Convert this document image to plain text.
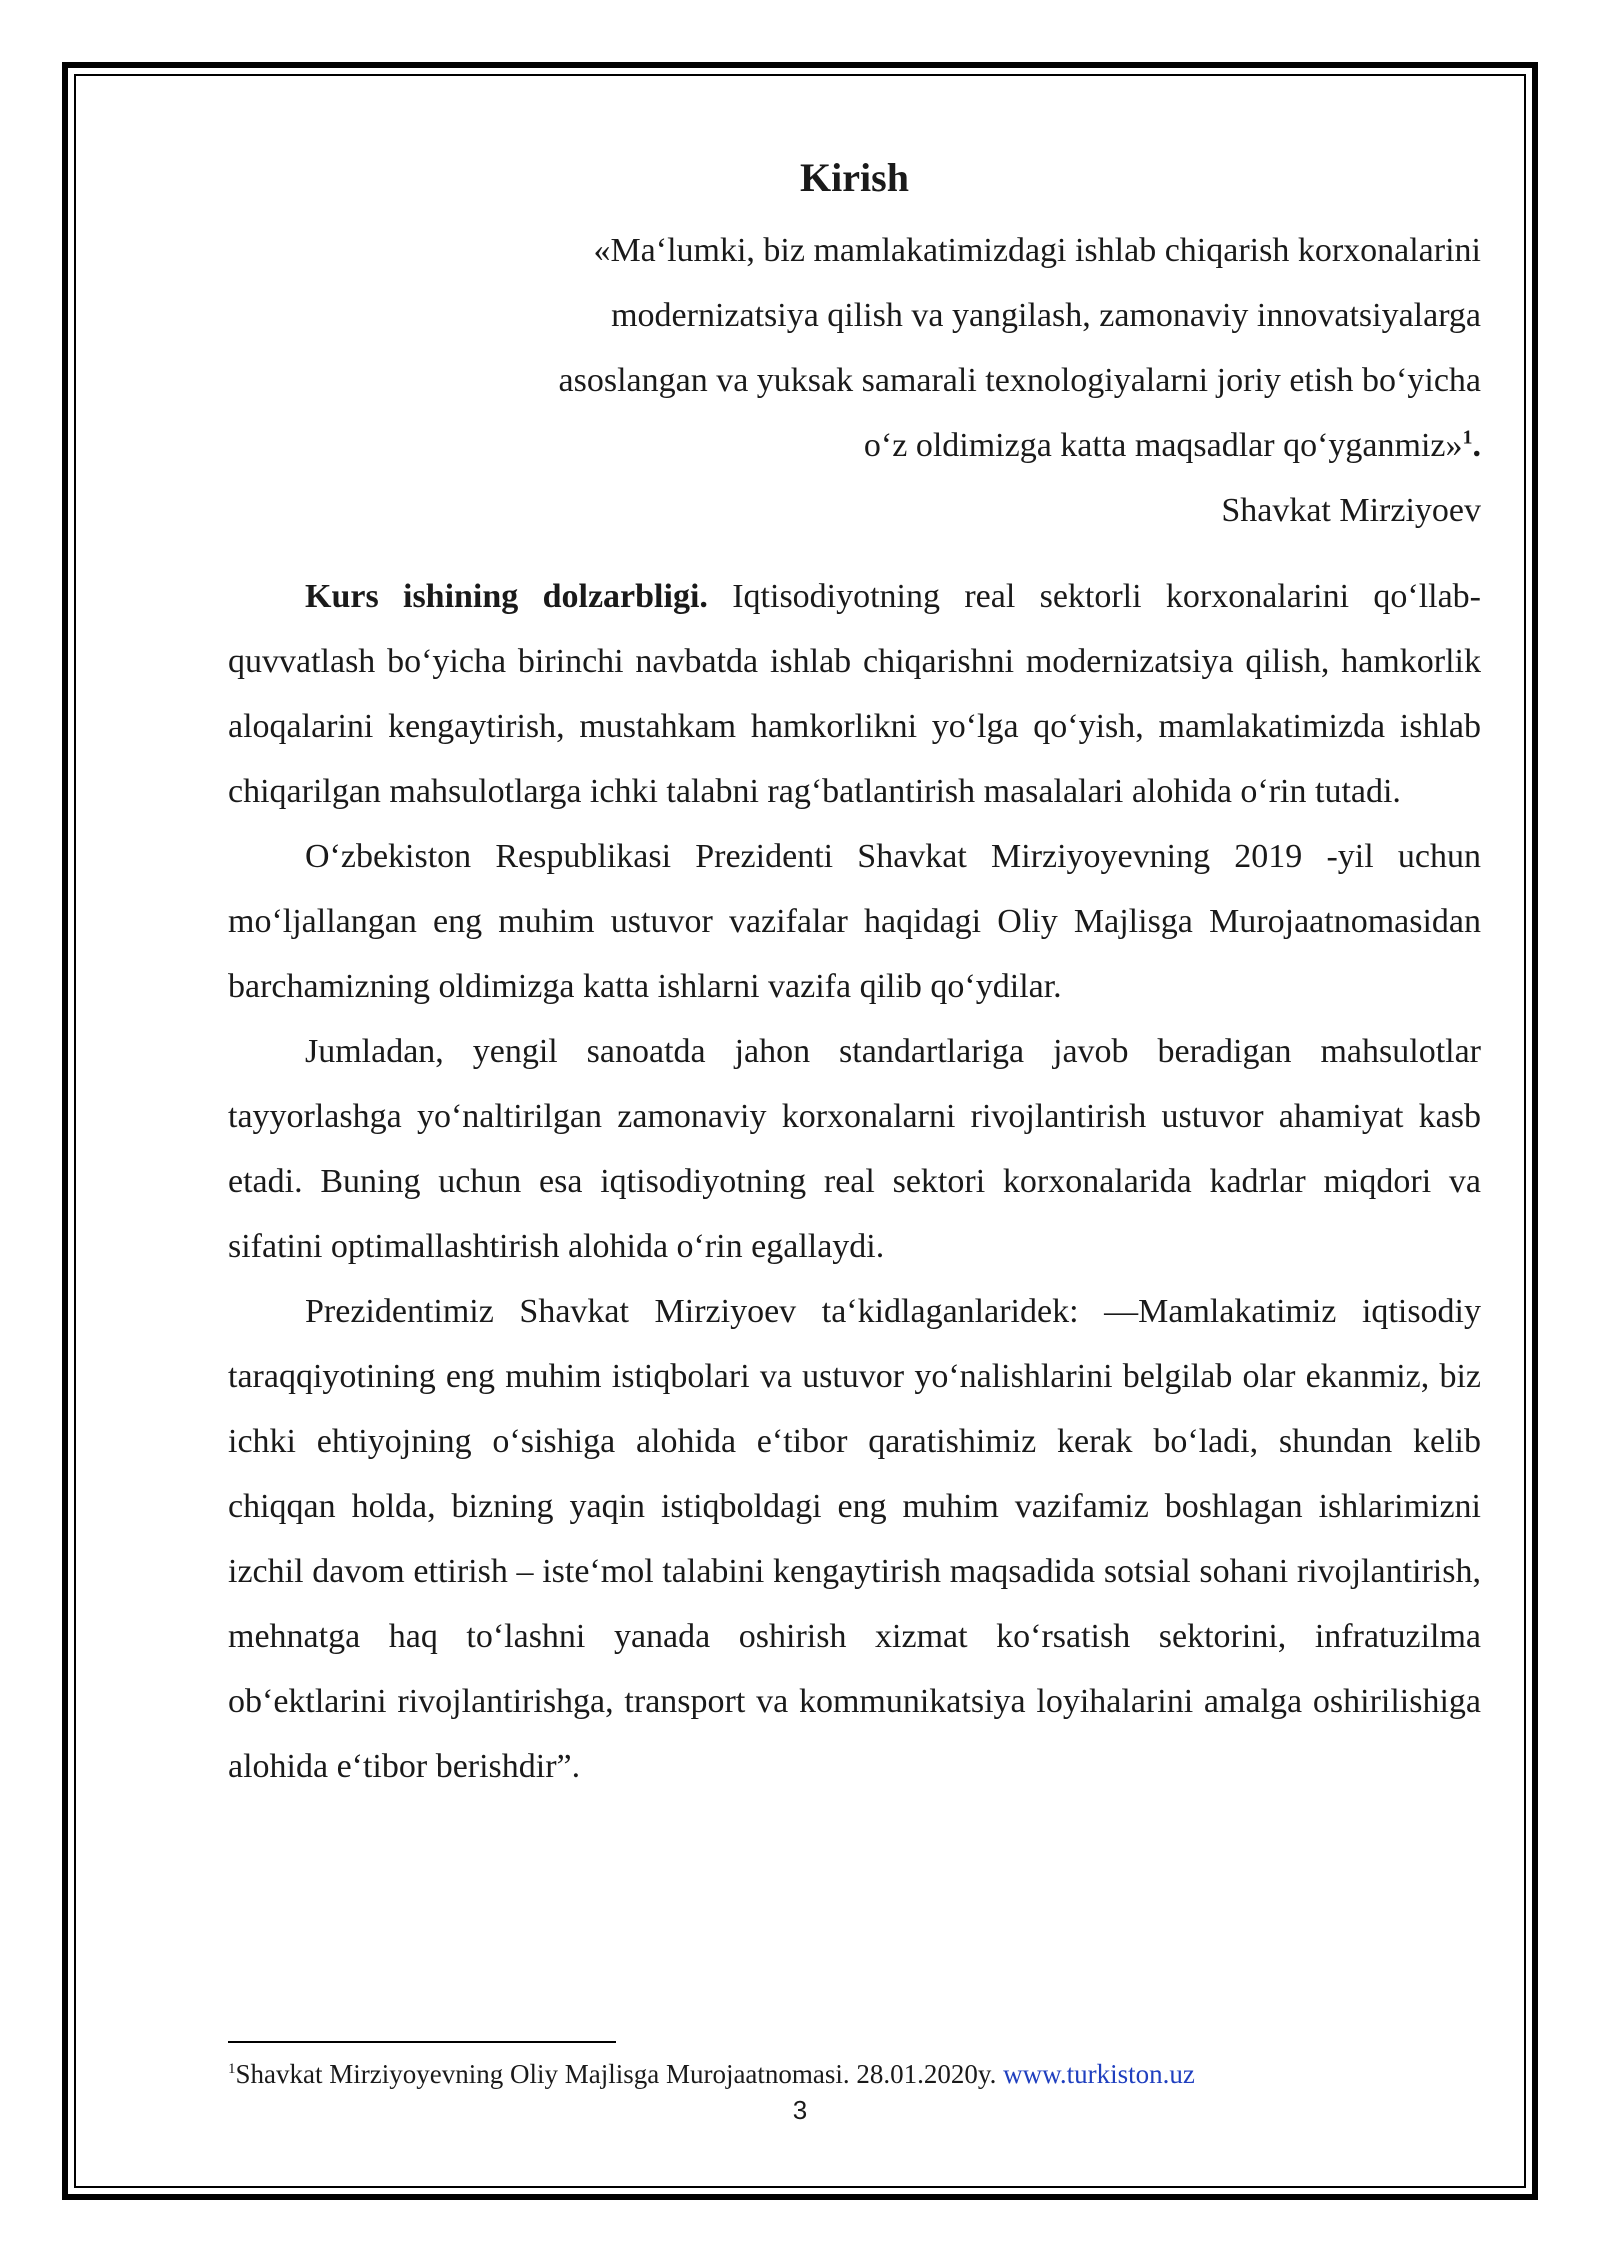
Kirish
«Maʻlumki, biz mamlakatimizdagi ishlab chiqarish korxonalarini
modernizatsiya qilish va yangilash, zamonaviy innovatsiyalarga
asoslangan va yuksak samarali texnologiyalarni joriy etish boʻyicha
oʻz oldimizga katta maqsadlar qoʻyganmiz»$^1$.
Shavkat Mirziyoev

Kurs ishining dolzarbligi. Iqtisodiyotning real sektorli korxonalarini qoʻllab-quvvatlash boʻyicha birinchi navbatda ishlab chiqarishni modernizatsiya qilish, hamkorlik aloqalarini kengaytirish, mustahkam hamkorlikni yoʻlga qoʻyish, mamlakatimizda ishlab chiqarilgan mahsulotlarga ichki talabni ragʻbatlantirish masalalari alohida oʻrin tutadi.

Oʻzbekiston Respublikasi Prezidenti Shavkat Mirziyoyevning 2019 -yil uchun moʻljallangan eng muhim ustuvor vazifalar haqidagi Oliy Majlisga Murojaatnomasidan barchamizning oldimizga katta ishlarni vazifa qilib qoʻydilar.

Jumladan, yengil sanoatda jahon standartlariga javob beradigan mahsulotlar tayyorlashga yoʻnaltirilgan zamonaviy korxonalarni rivojlantirish ustuvor ahamiyat kasb etadi. Buning uchun esa iqtisodiyotning real sektori korxonalarida kadrlar miqdori va sifatini optimallashtirish alohida oʻrin egallaydi.

Prezidentimiz Shavkat Mirziyoev taʻkidlaganlaridek: ―Mamlakatimiz iqtisodiy taraqqiyotining eng muhim istiqbolari va ustuvor yoʻnalishlarini belgilab olar ekanmiz, biz ichki ehtiyojning oʻsishiga alohida eʻtibor qaratishimiz kerak boʻladi, shundan kelib chiqqan holda, bizning yaqin istiqboldagi eng muhim vazifamiz boshlagan ishlarimizni izchil davom ettirish – isteʻmol talabini kengaytirish maqsadida sotsial sohani rivojlantirish, mehnatga haq toʻlashni yanada oshirish xizmat koʻrsatish sektorini, infratuzilma obʻektlarini rivojlantirishga, transport va kommunikatsiya loyihalarini amalga oshirilishiga alohida eʻtibor berishdir”.

$^1$Shavkat Mirziyoyevning Oliy Majlisga Murojaatnomasi. 28.01.2020y. www.turkiston.uz
3
